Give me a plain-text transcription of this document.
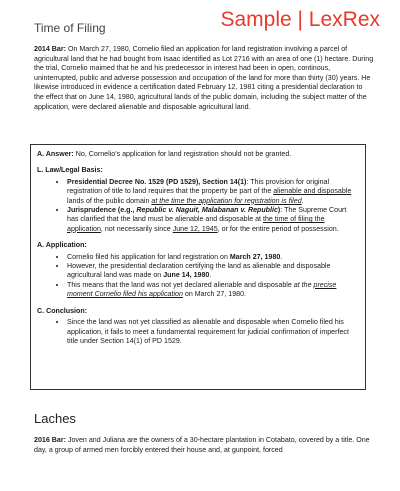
Time of Filing	Sample | LexRex

2014 Bar: On March 27, 1980, Cornelio filed an application for land registration involving a parcel of agricultural land that he had bought from Isaac identified as Lot 2716 with an area of one (1) hectare. During the trial, Cornelio maimed that he and his predecessor in interest had been in open, continous, uninterrupted, public and adverse possession and occupation of the land for more than thirty (30) years. He likewise introduced in evidence a certification dated February 12, 1981 citing a presidential declaration to the effect that on June 14, 1980, agricultural lands of the public domain, including the subject matter of the application, were declared alienable and disposable agricultural land.

A. Answer: No, Cornelio's application for land registration should not be granted.

L. Law/Legal Basis:

• Presidential Decree No. 1529 (PD 1529), Section 14(1): This provision for original registration of title to land requires that the property be part of the alienable and disposable lands of the public domain at the time the application for registration is filed.
• Jurisprudence (e.g., Republic v. Naguit, Malabanan v. Republic): The Supreme Court has clarified that the land must be alienable and disposable at the time of filing the application, not necessarily since June 12, 1945, or for the entire period of possession.

A. Application:

• Cornelio filed his application for land registration on March 27, 1980.
• However, the presidential declaration certifying the land as alienable and disposable agricultural land was made on June 14, 1980.
• This means that the land was not yet declared alienable and disposable at the precise moment Cornelio filed his application on March 27, 1980.

C. Conclusion:

• Since the land was not yet classified as alienable and disposable when Cornelio filed his application, it fails to meet a fundamental requirement for judicial confirmation of imperfect title under Section 14(1) of PD 1529.
Laches

2016 Bar: Joven and Juliana are the owners of a 30-hectare plantation in Cotabato, covered by a title. One day, a group of armed men forcibly entered their house and, at gunpoint, forced
